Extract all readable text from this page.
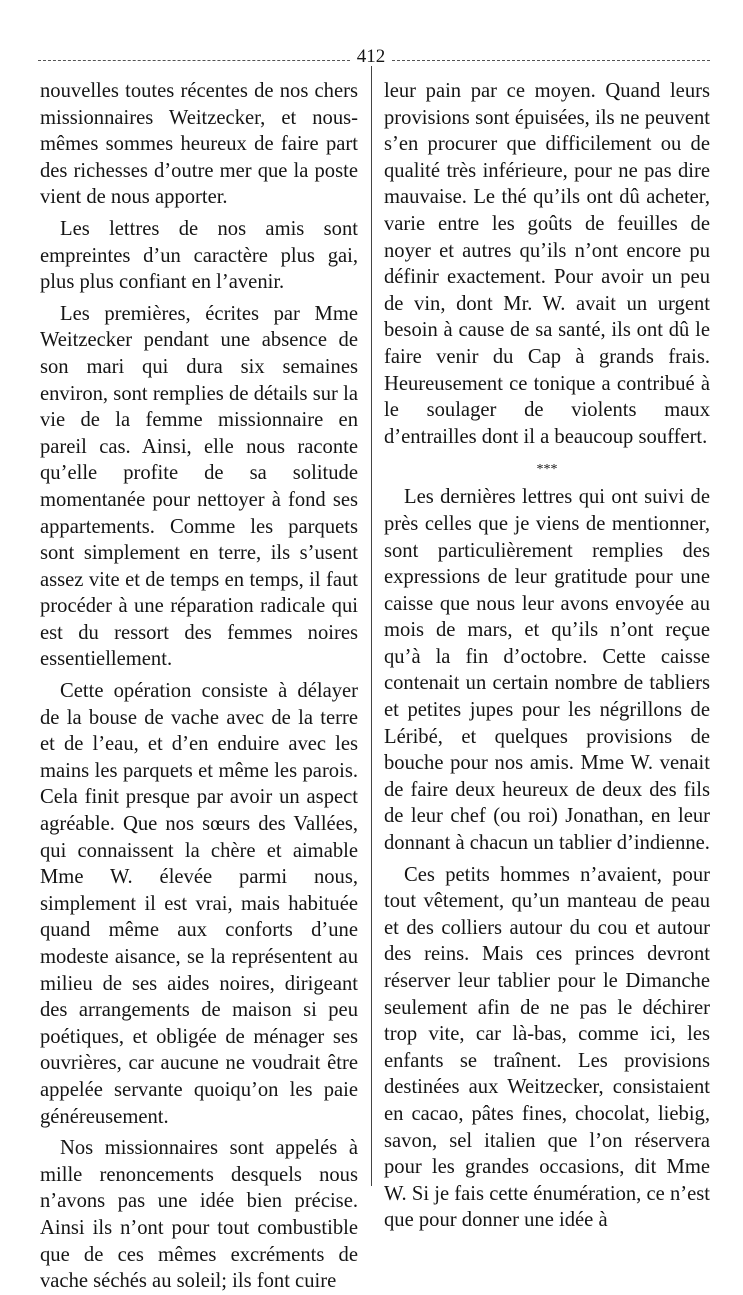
412

nouvelles toutes récentes de nos chers missionnaires Weitzecker, et nous-mêmes sommes heureux de faire part des richesses d’outre mer que la poste vient de nous apporter.

Les lettres de nos amis sont empreintes d’un caractère plus gai, plus plus confiant en l’avenir.

Les premières, écrites par Mme Weitzecker pendant une absence de son mari qui dura six semaines environ, sont remplies de détails sur la vie de la femme missionnaire en pareil cas. Ainsi, elle nous raconte qu’elle profite de sa solitude momentanée pour nettoyer à fond ses appartements. Comme les parquets sont simplement en terre, ils s’usent assez vite et de temps en temps, il faut procéder à une réparation radicale qui est du ressort des femmes noires essentiellement.

Cette opération consiste à délayer de la bouse de vache avec de la terre et de l’eau, et d’en enduire avec les mains les parquets et même les parois. Cela finit presque par avoir un aspect agréable. Que nos sœurs des Vallées, qui connaissent la chère et aimable Mme W. élevée parmi nous, simplement il est vrai, mais habituée quand même aux conforts d’une modeste aisance, se la représentent au milieu de ses aides noires, dirigeant des arrangements de maison si peu poétiques, et obligée de ménager ses ouvrières, car aucune ne voudrait être appelée servante quoiqu’on les paie généreusement.

Nos missionnaires sont appelés à mille renoncements desquels nous n’avons pas une idée bien précise. Ainsi ils n’ont pour tout combustible que de ces mêmes excréments de vache séchés au soleil; ils font cuire

leur pain par ce moyen. Quand leurs provisions sont épuisées, ils ne peuvent s’en procurer que difficilement ou de qualité très inférieure, pour ne pas dire mauvaise. Le thé qu’ils ont dû acheter, varie entre les goûts de feuilles de noyer et autres qu’ils n’ont encore pu définir exactement. Pour avoir un peu de vin, dont Mr. W. avait un urgent besoin à cause de sa santé, ils ont dû le faire venir du Cap à grands frais. Heureusement ce tonique a contribué à le soulager de violents maux d’entrailles dont il a beaucoup souffert.

***

Les dernières lettres qui ont suivi de près celles que je viens de mentionner, sont particulièrement remplies des expressions de leur gratitude pour une caisse que nous leur avons envoyée au mois de mars, et qu’ils n’ont reçue qu’à la fin d’octobre. Cette caisse contenait un certain nombre de tabliers et petites jupes pour les négrillons de Léribé, et quelques provisions de bouche pour nos amis. Mme W. venait de faire deux heureux de deux des fils de leur chef (ou roi) Jonathan, en leur donnant à chacun un tablier d’indienne.

Ces petits hommes n’avaient, pour tout vêtement, qu’un manteau de peau et des colliers autour du cou et autour des reins. Mais ces princes devront réserver leur tablier pour le Dimanche seulement afin de ne pas le déchirer trop vite, car là-bas, comme ici, les enfants se traînent. Les provisions destinées aux Weitzecker, consistaient en cacao, pâtes fines, chocolat, liebig, savon, sel italien que l’on réservera pour les grandes occasions, dit Mme W. Si je fais cette énumération, ce n’est que pour donner une idée à
